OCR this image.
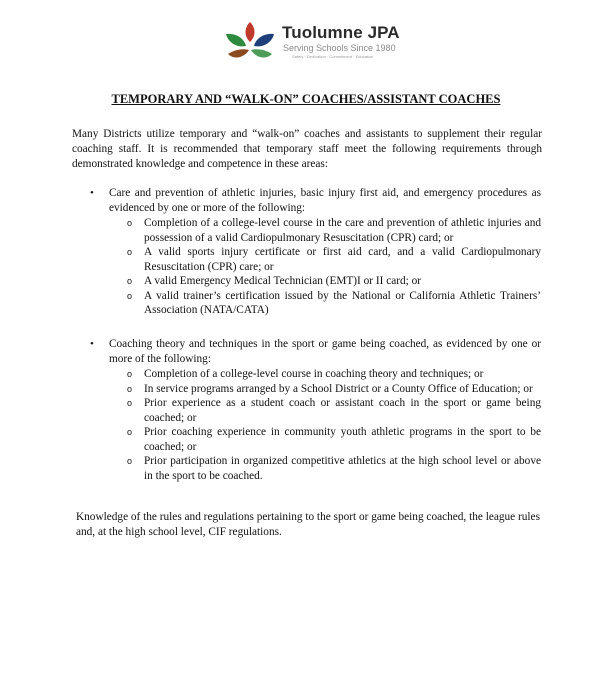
Tuolumne JPA
Serving Schools Since 1980
Safety · Dedication · Commitment · Education
TEMPORARY AND “WALK-ON” COACHES/ASSISTANT COACHES

Many Districts utilize temporary and “walk-on” coaches and assistants to supplement their regular coaching staff. It is recommended that temporary staff meet the following requirements through demonstrated knowledge and competence in these areas:

• Care and prevention of athletic injuries, basic injury first aid, and emergency procedures as evidenced by one or more of the following:
o Completion of a college-level course in the care and prevention of athletic injuries and possession of a valid Cardiopulmonary Resuscitation (CPR) card; or
o A valid sports injury certificate or first aid card, and a valid Cardiopulmonary Resuscitation (CPR) care; or
o A valid Emergency Medical Technician (EMT)I or II card; or
o A valid trainer’s certification issued by the National or California Athletic Trainers’ Association (NATA/CATA)
• Coaching theory and techniques in the sport or game being coached, as evidenced by one or more of the following:
o Completion of a college-level course in coaching theory and techniques; or
o In service programs arranged by a School District or a County Office of Education; or
o Prior experience as a student coach or assistant coach in the sport or game being coached; or
o Prior coaching experience in community youth athletic programs in the sport to be coached; or
o Prior participation in organized competitive athletics at the high school level or above in the sport to be coached.

Knowledge of the rules and regulations pertaining to the sport or game being coached, the league rules and, at the high school level, CIF regulations.
